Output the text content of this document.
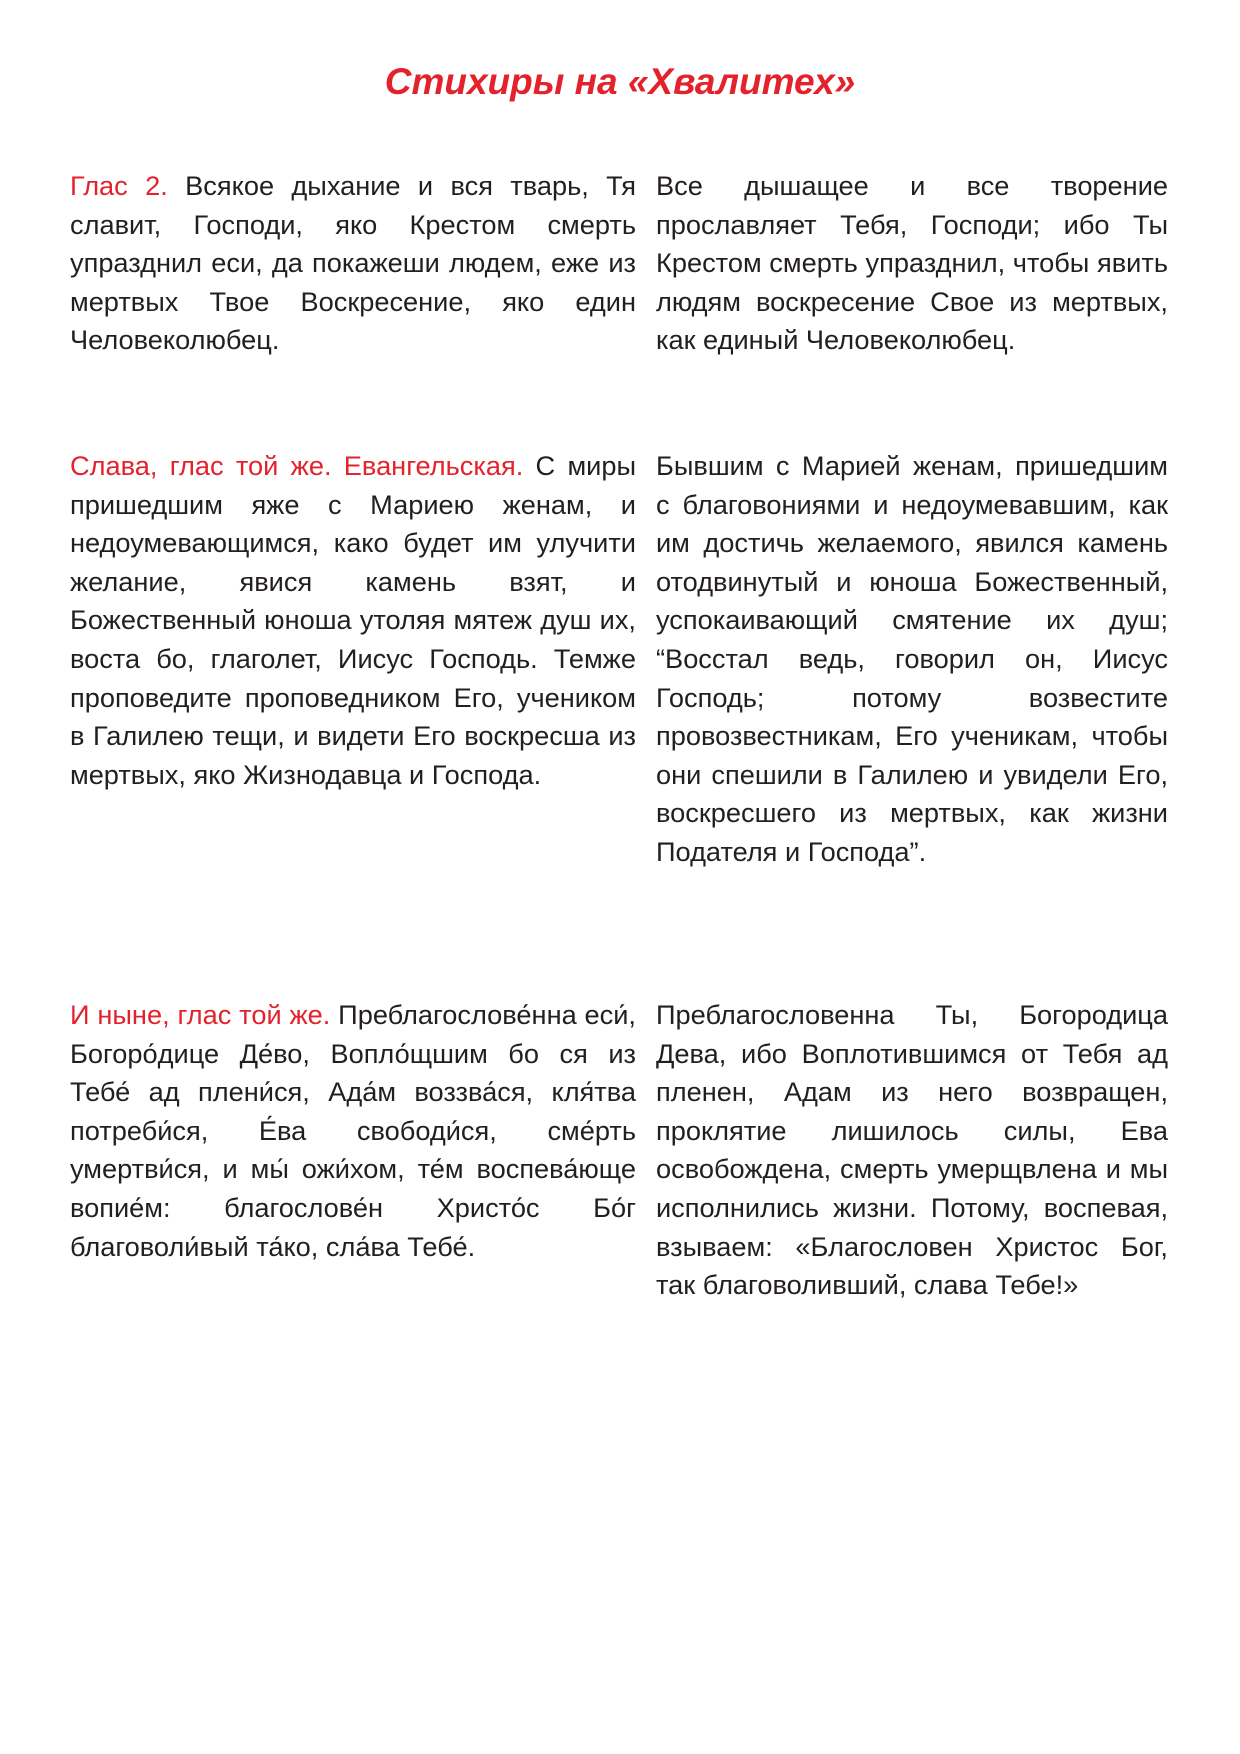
Стихиры на «Хвалитех»

Глас 2. Всякое дыхание и вся тварь, Тя славит, Господи, яко Крестом смерть упразднил еси, да покажеши людем, еже из мертвых Твое Воскресение, яко един Человеколюбец.

Все дышащее и все творение прославляет Тебя, Господи; ибо Ты Крестом смерть упразднил, чтобы явить людям воскресение Свое из мертвых, как единый Человеколюбец.

Слава, глас той же. Евангельская. С миры пришедшим яже с Мариею женам, и недоумевающимся, како будет им улучити желание, явися камень взят, и Божественный юноша утоляя мятеж душ их, воста бо, глаголет, Иисус Господь. Темже проповедите проповедником Его, учеником в Галилею тещи, и видети Его воскресша из мертвых, яко Жизнодавца и Господа.

Бывшим с Марией женам, пришедшим с благовониями и недоумевавшим, как им достичь желаемого, явился камень отодвинутый и юноша Божественный, успокаивающий смятение их душ; “Восстал ведь, говорил он, Иисус Господь; потому возвестите провозвестникам, Его ученикам, чтобы они спешили в Галилею и увидели Его, воскресшего из мертвых, как жизни Подателя и Господа”.

И ныне, глас той же. Преблагослове́нна еси́, Богоро́дице Де́во, Вопло́щшим бо ся из Тебе́ ад плени́ся, Ада́м воззва́ся, кля́тва потреби́ся, Е́ва свободи́ся, сме́рть умертви́ся, и мы́ ожи́хом, те́м воспева́юще вопие́м: благослове́н Христо́с Бо́г благоволи́вый та́ко, сла́ва Тебе́.

Преблагословенна Ты, Богородица Дева, ибо Воплотившимся от Тебя ад пленен, Адам из него возвращен, проклятие лишилось силы, Ева освобождена, смерть умерщвлена и мы исполнились жизни. Потому, воспевая, взываем: «Благословен Христос Бог, так благоволивший, слава Тебе!»
